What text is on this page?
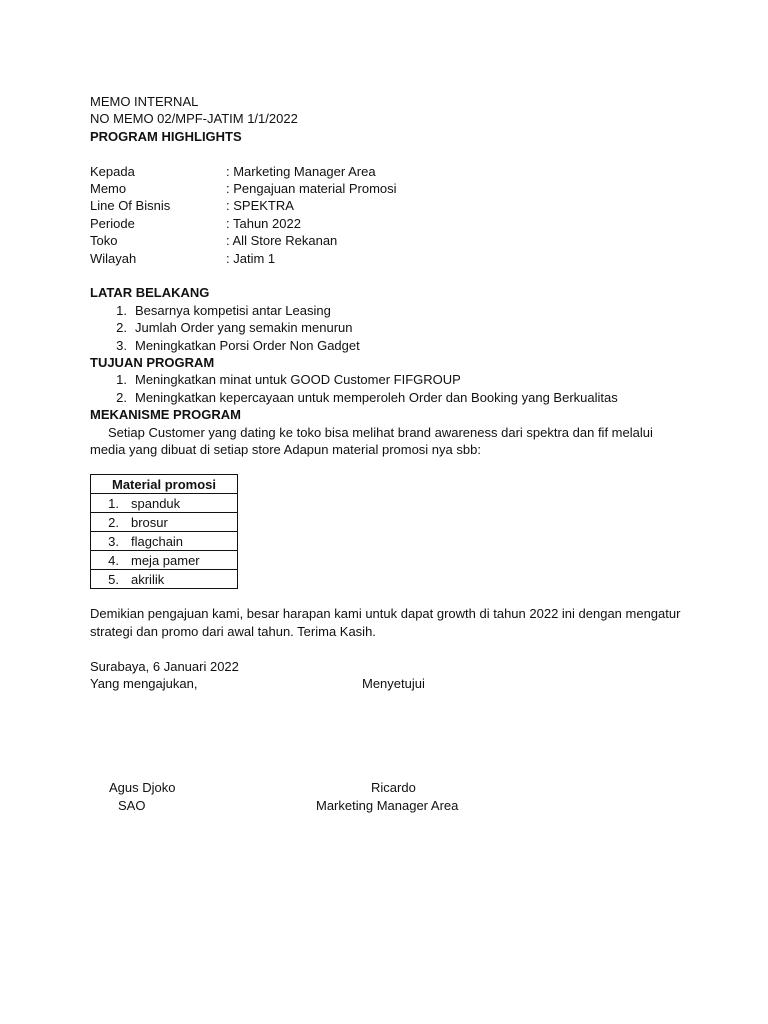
MEMO INTERNAL
NO MEMO 02/MPF-JATIM 1/1/2022
PROGRAM HIGHLIGHTS
Kepada	: Marketing Manager Area
Memo	: Pengajuan material Promosi
Line Of Bisnis	: SPEKTRA
Periode	: Tahun 2022
Toko	: All Store Rekanan
Wilayah	: Jatim 1
LATAR BELAKANG
1. Besarnya kompetisi antar Leasing
2. Jumlah Order yang semakin menurun
3. Meningkatkan Porsi Order Non Gadget
TUJUAN PROGRAM
1. Meningkatkan minat untuk GOOD Customer FIFGROUP
2. Meningkatkan kepercayaan untuk memperoleh Order dan Booking yang Berkualitas
MEKANISME PROGRAM
Setiap Customer yang dating ke toko bisa melihat brand awareness dari spektra dan fif melalui media yang dibuat di setiap store Adapun material promosi nya sbb:
Material promosi
1. spanduk
2. brosur
3. flagchain
4. meja pamer
5. akrilik
Demikian pengajuan kami, besar harapan kami untuk dapat growth di tahun 2022 ini dengan mengatur strategi dan promo dari awal tahun. Terima Kasih.
Surabaya, 6 Januari 2022
Yang mengajukan,	Menyetujui
Agus Djoko	Ricardo
SAO	Marketing Manager Area
